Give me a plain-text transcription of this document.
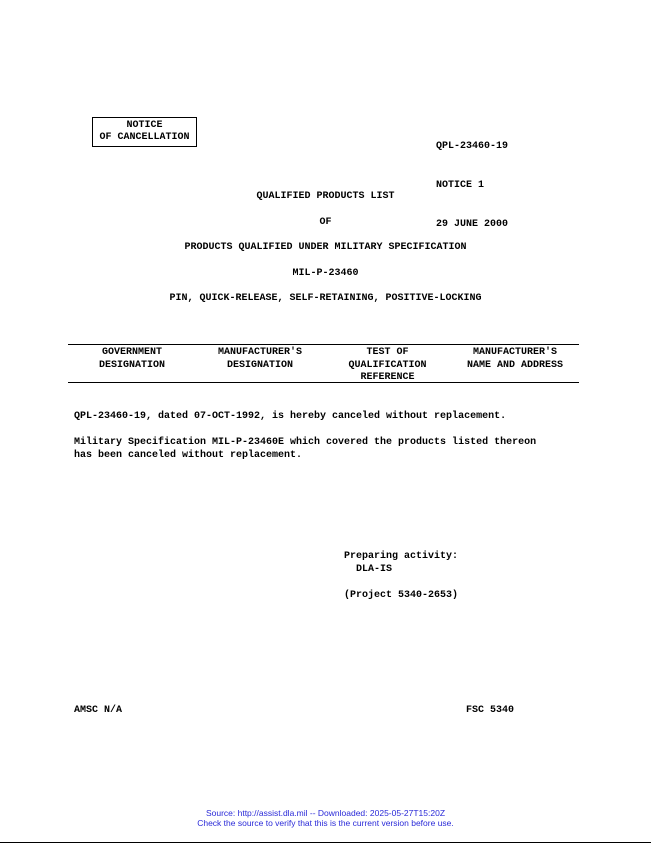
NOTICE
OF CANCELLATION

QPL-23460-19

NOTICE 1

29 JUNE 2000

QUALIFIED PRODUCTS LIST
OF
PRODUCTS QUALIFIED UNDER MILITARY SPECIFICATION
MIL-P-23460
PIN, QUICK-RELEASE, SELF-RETAINING, POSITIVE-LOCKING
GOVERNMENT
DESIGNATION
MANUFACTURER'S
DESIGNATION
TEST OF
QUALIFICATION
REFERENCE
MANUFACTURER'S
NAME AND ADDRESS
QPL-23460-19, dated 07-OCT-1992, is hereby canceled without replacement.
Military Specification MIL-P-23460E which covered the products listed thereon
has been canceled without replacement.
Preparing activity:
DLA-IS
(Project 5340-2653)
AMSC N/A	FSC 5340
Source: http://assist.dla.mil -- Downloaded: 2025-05-27T15:20Z
Check the source to verify that this is the current version before use.
